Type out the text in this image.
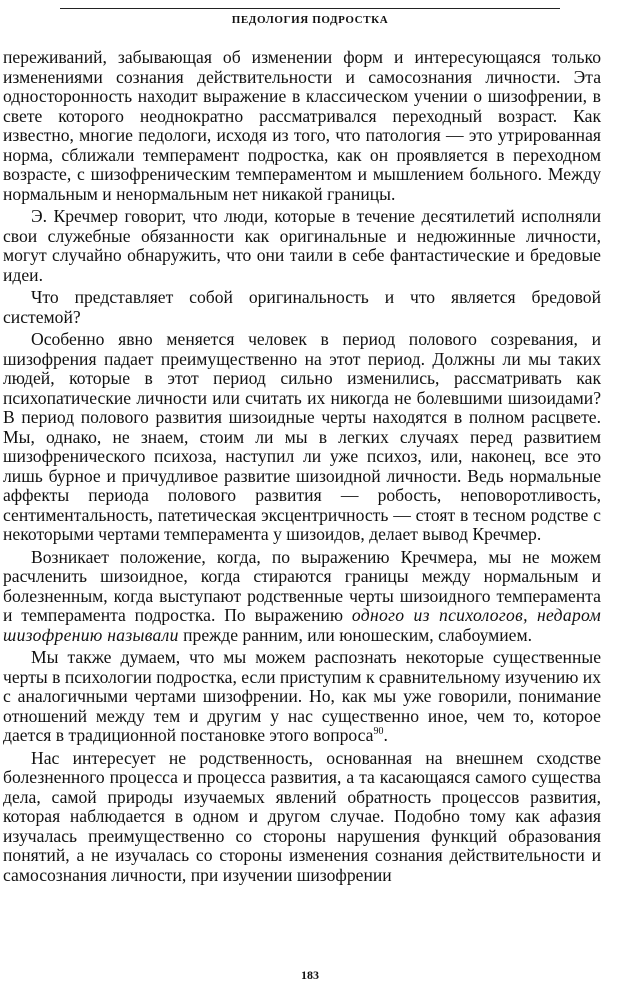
ПЕДОЛОГИЯ ПОДРОСТКА

переживаний, забывающая об изменении форм и интересующаяся только изменениями сознания действительности и самосознания личности. Эта односторонность находит выражение в классическом учении о шизофрении, в свете которого неоднократно рассматривался переходный возраст. Как известно, многие педологи, исходя из того, что патология — это утрированная норма, сближали темперамент подростка, как он проявляется в переходном возрасте, с шизофреническим темпераментом и мышлением больного. Между нормальным и ненормальным нет никакой границы.

Э. Кречмер говорит, что люди, которые в течение десятилетий исполняли свои служебные обязанности как оригинальные и недюжинные личности, могут случайно обнаружить, что они таили в себе фантастические и бредовые идеи.

Что представляет собой оригинальность и что является бредовой системой?

Особенно явно меняется человек в период полового созревания, и шизофрения падает преимущественно на этот период. Должны ли мы таких людей, которые в этот период сильно изменились, рассматривать как психопатические личности или считать их никогда не болевшими шизоидами? В период полового развития шизоидные черты находятся в полном расцвете. Мы, однако, не знаем, стоим ли мы в легких случаях перед развитием шизофренического психоза, наступил ли уже психоз, или, наконец, все это лишь бурное и причудливое развитие шизоидной личности. Ведь нормальные аффекты периода полового развития — робость, неповоротливость, сентиментальность, патетическая эксцентричность — стоят в тесном родстве с некоторыми чертами темперамента у шизоидов, делает вывод Кречмер.

Возникает положение, когда, по выражению Кречмера, мы не можем расчленить шизоидное, когда стираются границы между нормальным и болезненным, когда выступают родственные черты шизоидного темперамента и темперамента подростка. По выражению одного из психологов, недаром шизофрению называли прежде ранним, или юношеским, слабоумием.

Мы также думаем, что мы можем распознать некоторые существенные черты в психологии подростка, если приступим к сравнительному изучению их с аналогичными чертами шизофрении. Но, как мы уже говорили, понимание отношений между тем и другим у нас существенно иное, чем то, которое дается в традиционной постановке этого вопроса$^{90}$.

Нас интересует не родственность, основанная на внешнем сходстве болезненного процесса и процесса развития, а та касающаяся самого существа дела, самой природы изучаемых явлений обратность процессов развития, которая наблюдается в одном и другом случае. Подобно тому как афазия изучалась преимущественно со стороны нарушения функций образования понятий, а не изучалась со стороны изменения сознания действительности и самосознания личности, при изучении шизофрении

183
